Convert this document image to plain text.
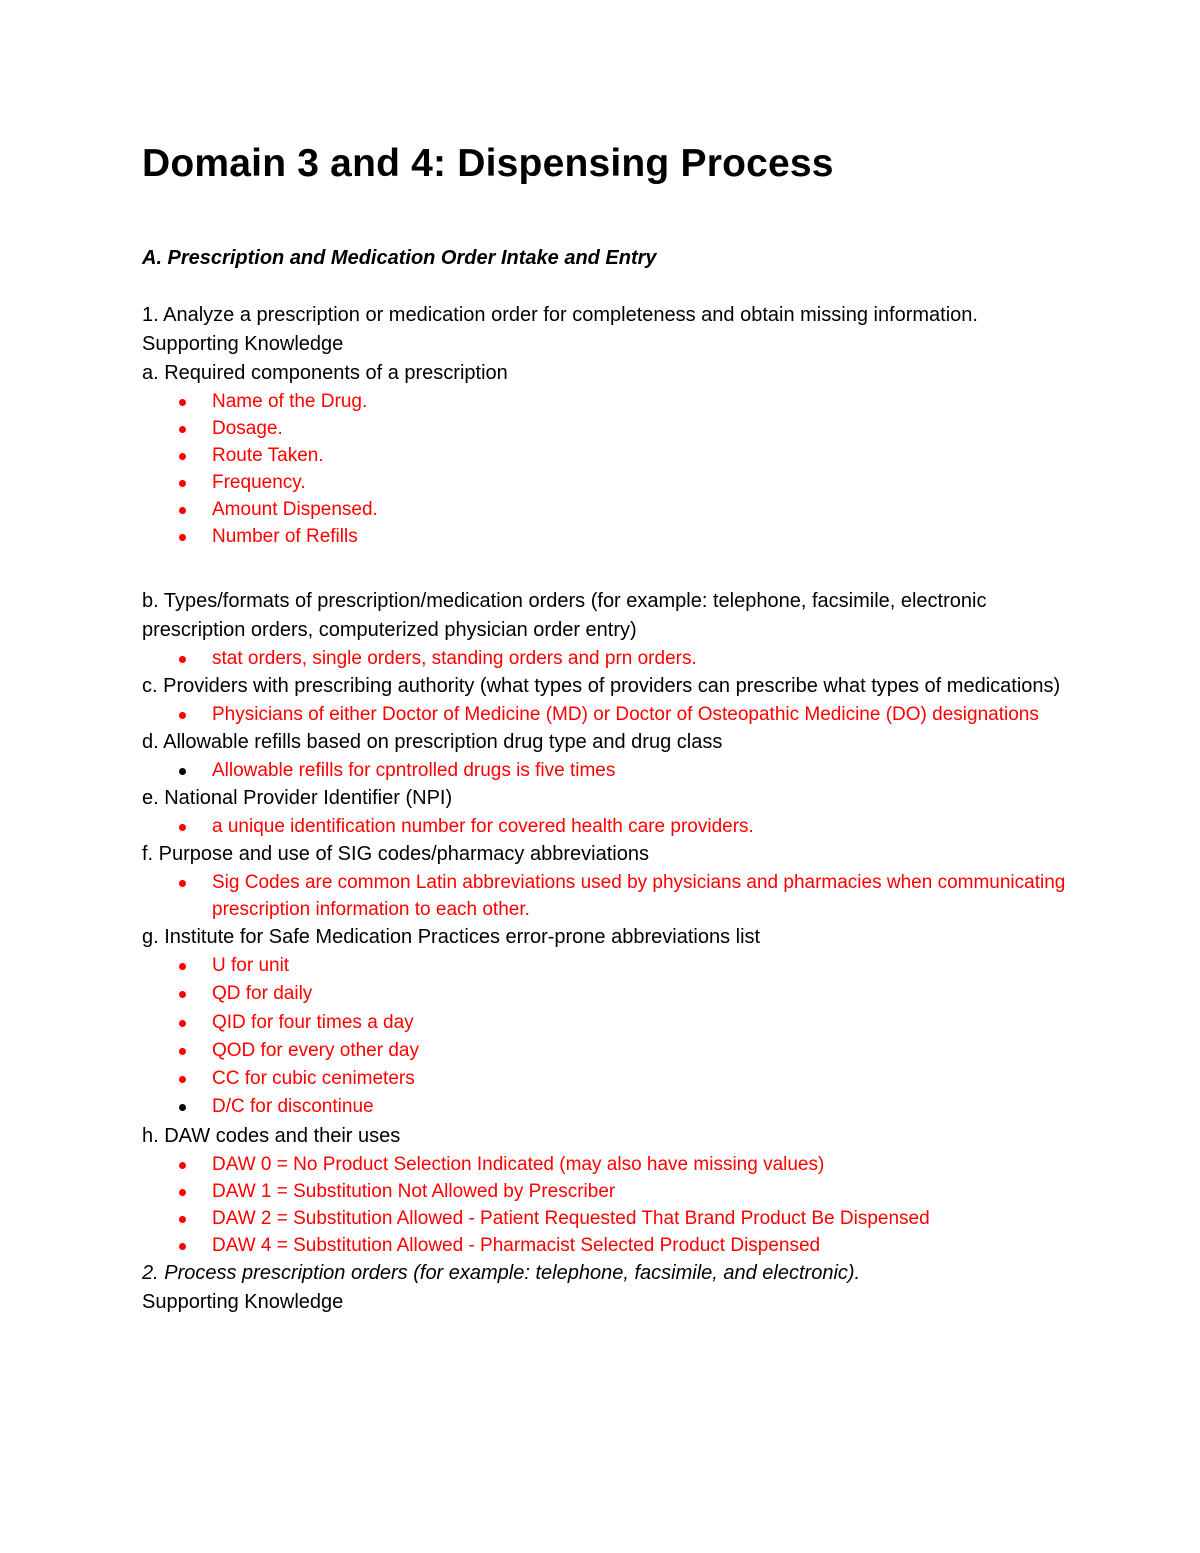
Domain 3 and 4: Dispensing Process
A. Prescription and Medication Order Intake and Entry

1. Analyze a prescription or medication order for completeness and obtain missing information.

Supporting Knowledge

a. Required components of a prescription

Name of the Drug.
Dosage.
Route Taken.
Frequency.
Amount Dispensed.
Number of Refills

b. Types/formats of prescription/medication orders (for example: telephone, facsimile, electronic prescription orders, computerized physician order entry)

stat orders, single orders, standing orders and prn orders.

c. Providers with prescribing authority (what types of providers can prescribe what types of medications)

Physicians of either Doctor of Medicine (MD) or Doctor of Osteopathic Medicine (DO) designations

d. Allowable refills based on prescription drug type and drug class

Allowable refills for cpntrolled drugs is five times

e. National Provider Identifier (NPI)

a unique identification number for covered health care providers.

f. Purpose and use of SIG codes/pharmacy abbreviations

Sig Codes are common Latin abbreviations used by physicians and pharmacies when communicating prescription information to each other.

g. Institute for Safe Medication Practices error-prone abbreviations list

U for unit
QD for daily
QID for four times a day
QOD for every other day
CC for cubic cenimeters
D/C for discontinue

h. DAW codes and their uses

DAW 0 = No Product Selection Indicated (may also have missing values)
DAW 1 = Substitution Not Allowed by Prescriber
DAW 2 = Substitution Allowed - Patient Requested That Brand Product Be Dispensed
DAW 4 = Substitution Allowed - Pharmacist Selected Product Dispensed

2. Process prescription orders (for example: telephone, facsimile, and electronic).

Supporting Knowledge
